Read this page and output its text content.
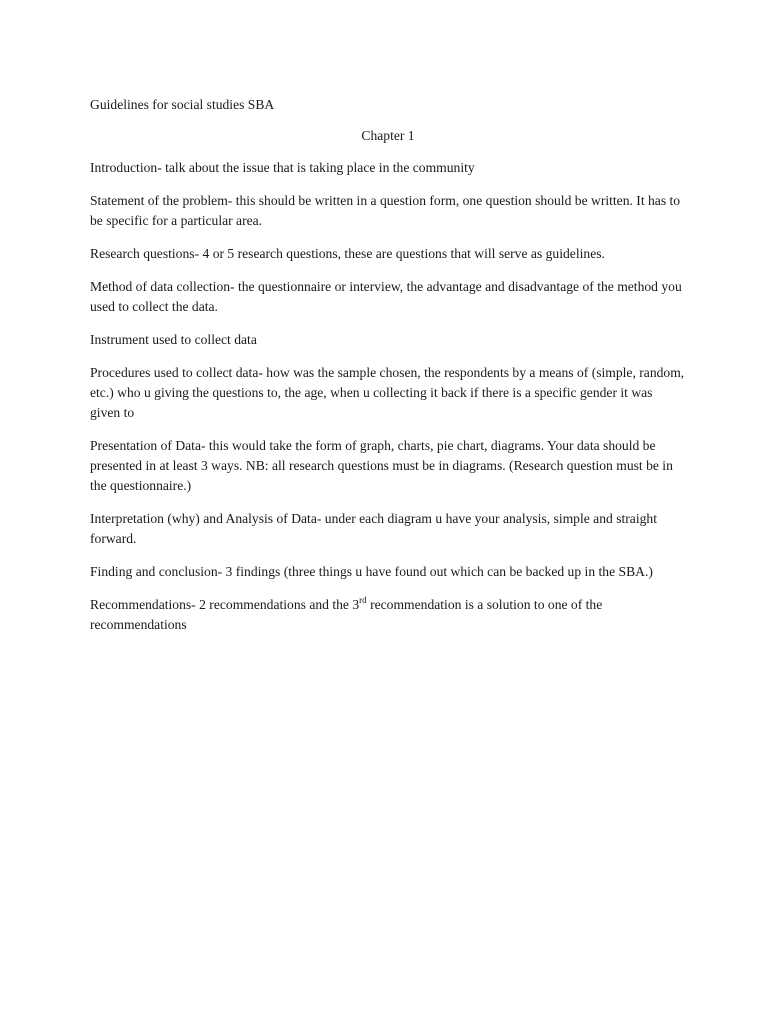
Guidelines for social studies SBA

Chapter 1

Introduction- talk about the issue that is taking place in the community

Statement of the problem- this should be written in a question form, one question should be written. It has to be specific for a particular area.

Research questions- 4 or 5 research questions, these are questions that will serve as guidelines.

Method of data collection- the questionnaire or interview, the advantage and disadvantage of the method you used to collect the data.

Instrument used to collect data

Procedures used to collect data- how was the sample chosen, the respondents by a means of (simple, random, etc.) who u giving the questions to, the age, when u collecting it back if there is a specific gender it was given to

Presentation of Data- this would take the form of graph, charts, pie chart, diagrams. Your data should be presented in at least 3 ways. NB: all research questions must be in diagrams. (Research question must be in the questionnaire.)

Interpretation (why) and Analysis of Data- under each diagram u have your analysis, simple and straight forward.

Finding and conclusion- 3 findings (three things u have found out which can be backed up in the SBA.)

Recommendations- 2 recommendations and the 3rd recommendation is a solution to one of the recommendations
